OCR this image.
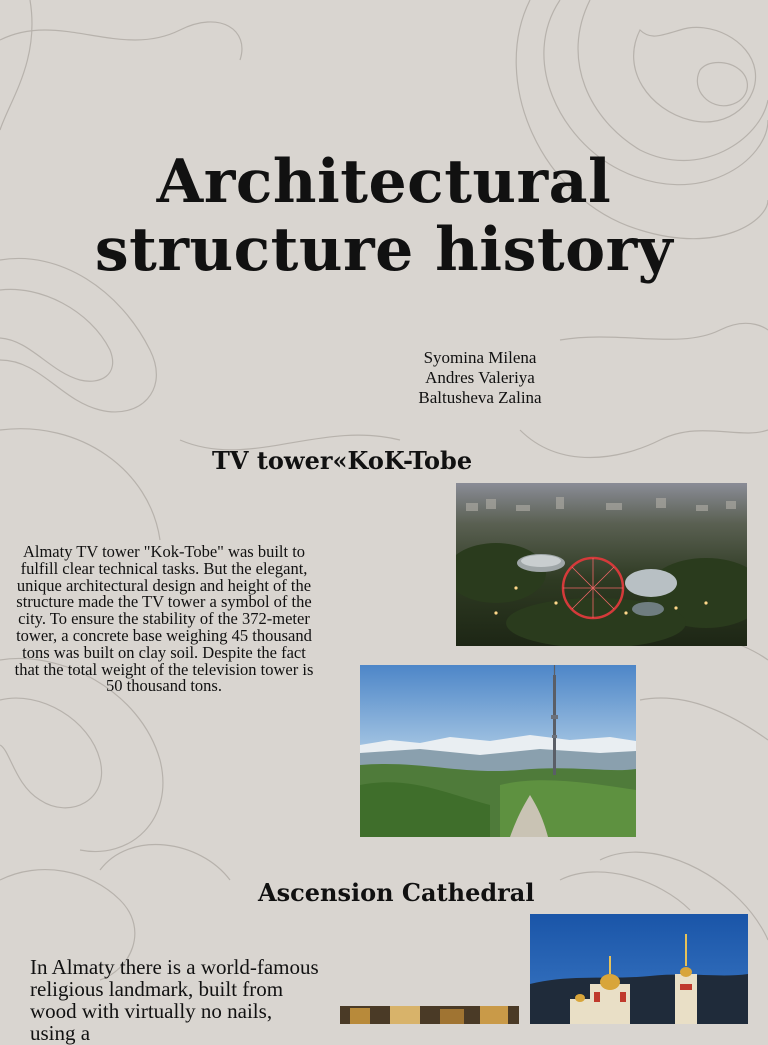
Architectural
structure history
Syomina Milena
Andres Valeriya
Baltusheva Zalina
TV tower«KoK-Tobe
Almaty TV tower "Kok-Tobe" was built to fulfill clear technical tasks. But the elegant, unique architectural design and height of the structure made the TV tower a symbol of the city. To ensure the stability of the 372-meter tower, a concrete base weighing 45 thousand tons was built on clay soil. Despite the fact that the total weight of the television tower is 50 thousand tons.
Ascension Cathedral
In Almaty there is a world-famous religious landmark, built from wood with virtually no nails, using a
